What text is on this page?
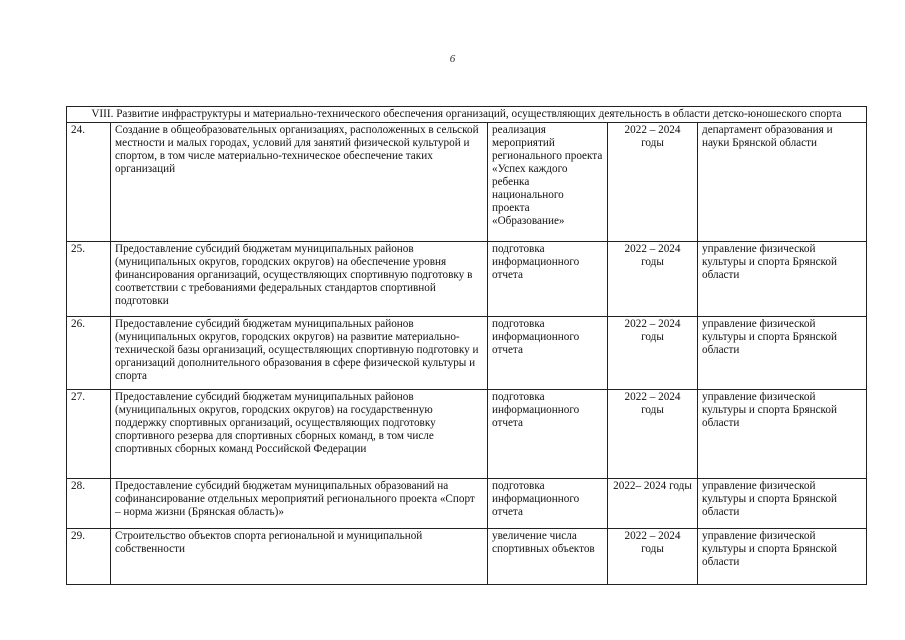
6
VIII. Развитие инфраструктуры и материально-технического обеспечения организаций, осуществляющих деятельность в области детско-юношеского спорта				
24.	Создание в общеобразовательных организациях, расположенных в сельской местности и малых городах, условий для занятий физической культурой и спортом, в том числе материально-техническое обеспечение таких организаций	реализация мероприятий регионального проекта «Успех каждого ребенка национального проекта «Образование»	2022 – 2024 годы	департамент образования и науки Брянской области
25.	Предоставление субсидий бюджетам муниципальных районов (муниципальных округов, городских округов) на обеспечение уровня финансирования организаций, осуществляющих спортивную подготовку в соответствии с требованиями федеральных стандартов спортивной подготовки	подготовка информационного отчета	2022 – 2024 годы	управление физической культуры и спорта Брянской области
26.	Предоставление субсидий бюджетам муниципальных районов (муниципальных округов, городских округов) на развитие материально-технической базы организаций, осуществляющих спортивную подготовку и организаций дополнительного образования в сфере физической культуры и спорта	подготовка информационного отчета	2022 – 2024 годы	управление физической культуры и спорта Брянской области
27.	Предоставление субсидий бюджетам муниципальных районов (муниципальных округов, городских округов) на государственную поддержку спортивных организаций, осуществляющих подготовку спортивного резерва для спортивных сборных команд, в том числе спортивных сборных команд Российской Федерации	подготовка информационного отчета	2022 – 2024 годы	управление физической культуры и спорта Брянской области
28.	Предоставление субсидий бюджетам муниципальных образований на софинансирование отдельных мероприятий регионального проекта «Спорт – норма жизни (Брянская область)»	подготовка информационного отчета	2022– 2024 годы	управление физической культуры и спорта Брянской области
29.	Строительство объектов спорта региональной и муниципальной собственности	увеличение числа спортивных объектов	2022 – 2024 годы	управление физической культуры и спорта Брянской области
